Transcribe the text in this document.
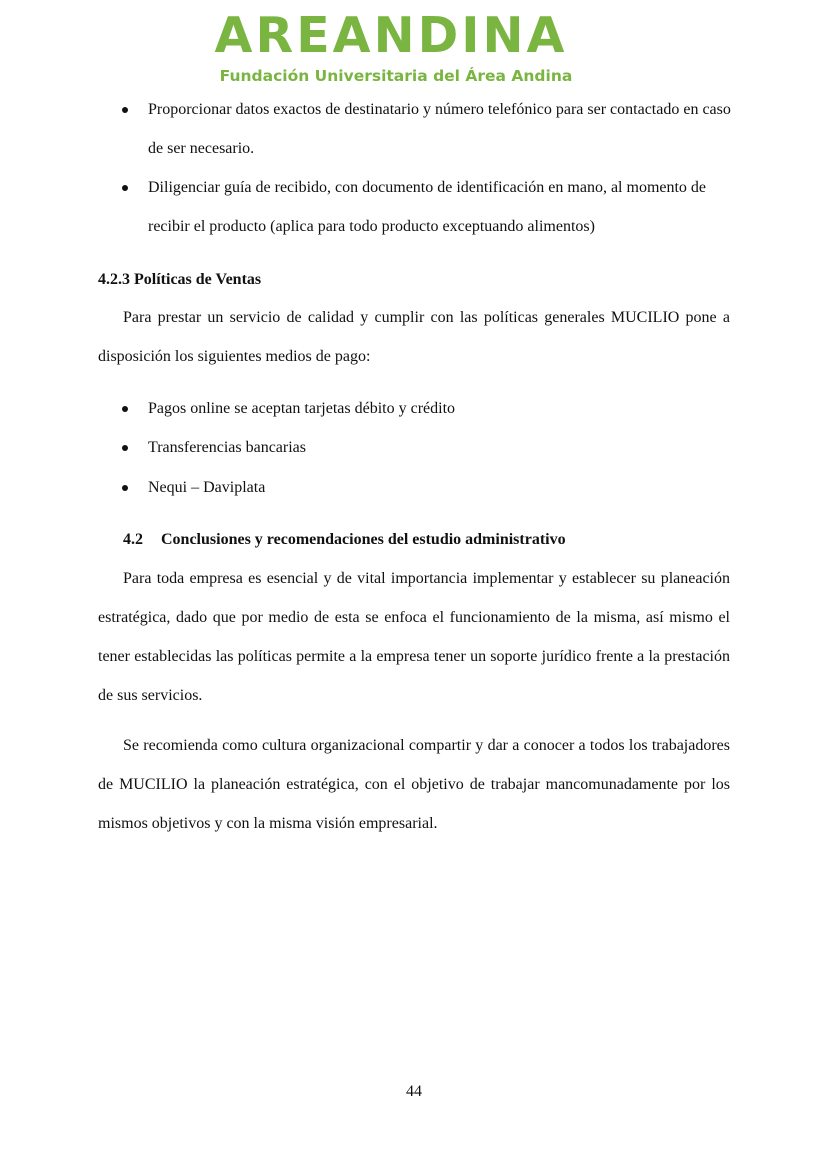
AREANDINA
Fundación Universitaria del Área Andina
Proporcionar datos exactos de destinatario y número telefónico para ser contactado en caso de ser necesario.
Diligenciar guía de recibido, con documento de identificación en mano, al momento de recibir el producto (aplica para todo producto exceptuando alimentos)
4.2.3 Políticas de Ventas
Para prestar un servicio de calidad y cumplir con las políticas generales MUCILIO pone a disposición los siguientes medios de pago:
Pagos online se aceptan tarjetas débito y crédito
Transferencias bancarias
Nequi – Daviplata
4.2 Conclusiones y recomendaciones del estudio administrativo
Para toda empresa es esencial y de vital importancia implementar y establecer su planeación estratégica, dado que por medio de esta se enfoca el funcionamiento de la misma, así mismo el tener establecidas las políticas permite a la empresa tener un soporte jurídico frente a la prestación de sus servicios.
Se recomienda como cultura organizacional compartir y dar a conocer a todos los trabajadores de MUCILIO la planeación estratégica, con el objetivo de trabajar mancomunadamente por los mismos objetivos y con la misma visión empresarial.
44
